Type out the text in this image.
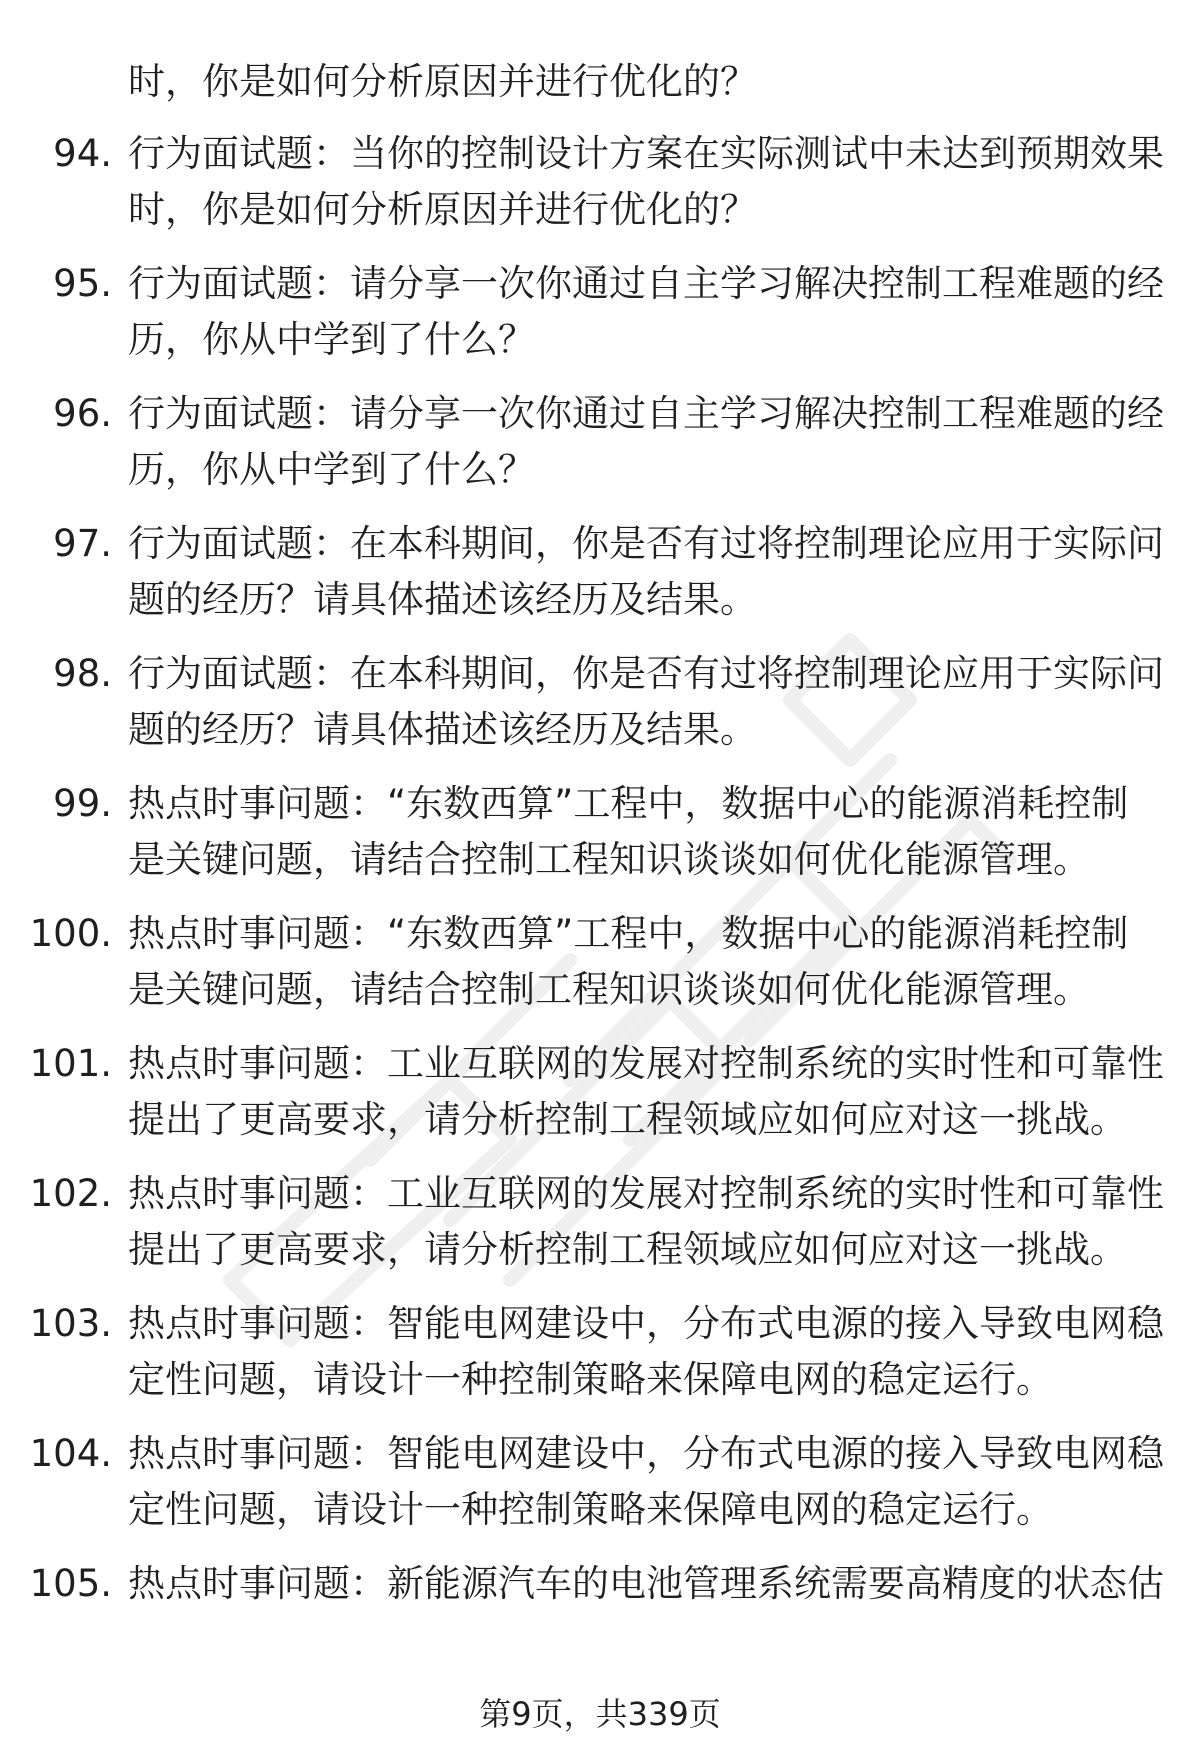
时，你是如何分析原因并进行优化的？
94. 行为面试题：当你的控制设计方案在实际测试中未达到预期效果
时，你是如何分析原因并进行优化的？
95. 行为面试题：请分享一次你通过自主学习解决控制工程难题的经
历，你从中学到了什么？
96. 行为面试题：请分享一次你通过自主学习解决控制工程难题的经
历，你从中学到了什么？
97. 行为面试题：在本科期间，你是否有过将控制理论应用于实际问
题的经历？请具体描述该经历及结果。
98. 行为面试题：在本科期间，你是否有过将控制理论应用于实际问
题的经历？请具体描述该经历及结果。
99. 热点时事问题：“东数西算”工程中，数据中心的能源消耗控制
是关键问题，请结合控制工程知识谈谈如何优化能源管理。
100. 热点时事问题：“东数西算”工程中，数据中心的能源消耗控制
是关键问题，请结合控制工程知识谈谈如何优化能源管理。
101. 热点时事问题：工业互联网的发展对控制系统的实时性和可靠性
提出了更高要求，请分析控制工程领域应如何应对这一挑战。
102. 热点时事问题：工业互联网的发展对控制系统的实时性和可靠性
提出了更高要求，请分析控制工程领域应如何应对这一挑战。
103. 热点时事问题：智能电网建设中，分布式电源的接入导致电网稳
定性问题，请设计一种控制策略来保障电网的稳定运行。
104. 热点时事问题：智能电网建设中，分布式电源的接入导致电网稳
定性问题，请设计一种控制策略来保障电网的稳定运行。
105. 热点时事问题：新能源汽车的电池管理系统需要高精度的状态估
第9页，共339页
